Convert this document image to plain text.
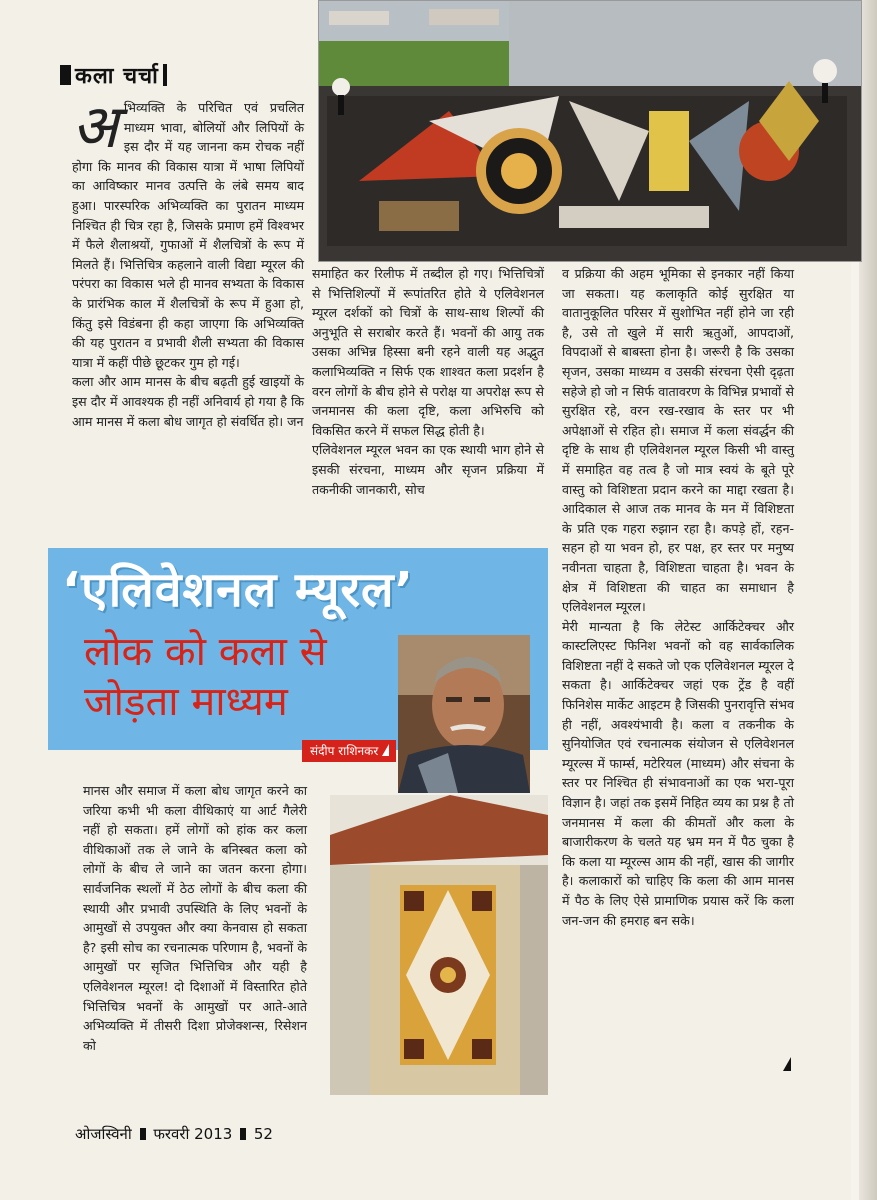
कला चर्चा

अभिव्यक्ति के परिचित एवं प्रचलित माध्यम भावा, बोलियों और लिपियों के इस दौर में यह जानना कम रोचक नहीं होगा कि मानव की विकास यात्रा में भाषा लिपियों का आविष्कार मानव उत्पत्ति के लंबे समय बाद हुआ। पारस्परिक अभिव्यक्ति का पुरातन माध्यम निश्चित ही चित्र रहा है, जिसके प्रमाण हमें विश्वभर में फैले शैलाश्रयों, गुफाओं में शैलचित्रों के रूप में मिलते हैं। भित्तिचित्र कहलाने वाली विद्या म्यूरल की परंपरा का विकास भले ही मानव सभ्यता के विकास के प्रारंभिक काल में शैलचित्रों के रूप में हुआ हो, किंतु इसे विडंबना ही कहा जाएगा कि अभिव्यक्ति की यह पुरातन व प्रभावी शैली सभ्यता की विकास यात्रा में कहीं पीछे छूटकर गुम हो गई।

कला और आम मानस के बीच बढ़ती हुई खाइयों के इस दौर में आवश्यक ही नहीं अनिवार्य हो गया है कि आम मानस में कला बोध जागृत हो संवर्धित हो। जन

समाहित कर रिलीफ में तब्दील हो गए। भित्तिचित्रों से भित्तिशिल्पों में रूपांतरित होते ये एलिवेशनल म्यूरल दर्शकों को चित्रों के साथ-साथ शिल्पों की अनुभूति से सराबोर करते हैं। भवनों की आयु तक उसका अभिन्न हिस्सा बनी रहने वाली यह अद्भुत कलाभिव्यक्ति न सिर्फ एक शाश्वत कला प्रदर्शन है वरन लोगों के बीच होने से परोक्ष या अपरोक्ष रूप से जनमानस की कला दृष्टि, कला अभिरुचि को विकसित करने में सफल सिद्ध होती है।

एलिवेशनल म्यूरल भवन का एक स्थायी भाग होने से इसकी संरचना, माध्यम और सृजन प्रक्रिया में तकनीकी जानकारी, सोच

व प्रक्रिया की अहम भूमिका से इनकार नहीं किया जा सकता। यह कलाकृति कोई सुरक्षित या वातानुकूलित परिसर में सुशोभित नहीं होने जा रही है, उसे तो खुले में सारी ऋतुओं, आपदाओं, विपदाओं से बाबस्ता होना है। जरूरी है कि उसका सृजन, उसका माध्यम व उसकी संरचना ऐसी दृढ़ता सहेजे हो जो न सिर्फ वातावरण के विभिन्न प्रभावों से सुरक्षित रहे, वरन रख-रखाव के स्तर पर भी अपेक्षाओं से रहित हो। समाज में कला संवर्द्धन की दृष्टि के साथ ही एलिवेशनल म्यूरल किसी भी वास्तु में समाहित वह तत्व है जो मात्र स्वयं के बूते पूरे वास्तु को विशिष्टता प्रदान करने का माद्दा रखता है। आदिकाल से आज तक मानव के मन में विशिष्टता के प्रति एक गहरा रुझान रहा है। कपड़े हों, रहन-सहन हो या भवन हो, हर पक्ष, हर स्तर पर मनुष्य नवीनता चाहता है, विशिष्टता चाहता है। भवन के क्षेत्र में विशिष्टता की चाहत का समाधान है एलिवेशनल म्यूरल।

मेरी मान्यता है कि लेटेस्ट आर्किटेक्चर और कास्टलिएस्ट फिनिश भवनों को वह सार्वकालिक विशिष्टता नहीं दे सकते जो एक एलिवेशनल म्यूरल दे सकता है। आर्किटेक्चर जहां एक ट्रेंड है वहीं फिनिशेस मार्केट आइटम है जिसकी पुनरावृत्ति संभव ही नहीं, अवश्यंभावी है। कला व तकनीक के सुनियोजित एवं रचनात्मक संयोजन से एलिवेशनल म्यूरल्स में फार्म्स, मटेरियल (माध्यम) और संचना के स्तर पर निश्चित ही संभावनाओं का एक भरा-पूरा विज्ञान है। जहां तक इसमें निहित व्यय का प्रश्न है तो जनमानस में कला की कीमतों और कला के बाजारीकरण के चलते यह भ्रम मन में पैठ चुका है कि कला या म्यूरल्स आम की नहीं, खास की जागीर है। कलाकारों को चाहिए कि कला की आम मानस में पैठ के लिए ऐसे प्रामाणिक प्रयास करें कि कला जन-जन की हमराह बन सके।

‘एलिवेशनल म्यूरल’
लोक को कला से
जोड़ता माध्यम
संदीप राशिनकर

मानस और समाज में कला बोध जागृत करने का जरिया कभी भी कला वीथिकाएं या आर्ट गैलेरी नहीं हो सकता। हमें लोगों को हांक कर कला वीथिकाओं तक ले जाने के बनिस्बत कला को लोगों के बीच ले जाने का जतन करना होगा। सार्वजनिक स्थलों में ठेठ लोगों के बीच कला की स्थायी और प्रभावी उपस्थिति के लिए भवनों के आमुखों से उपयुक्त और क्या केनवास हो सकता है? इसी सोच का रचनात्मक परिणाम है, भवनों के आमुखों पर सृजित भित्तिचित्र और यही है एलिवेशनल म्यूरल! दो दिशाओं में विस्तारित होते भित्तिचित्र भवनों के आमुखों पर आते-आते अभिव्यक्ति में तीसरी दिशा प्रोजेक्शन्स, रिसेशन को

ओजस्विनी फरवरी 2013 52
